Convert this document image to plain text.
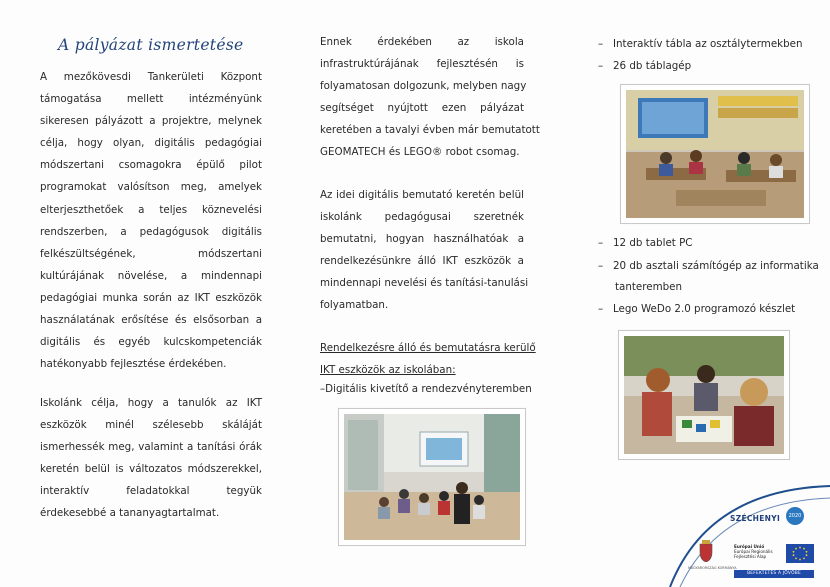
A pályázat ismertetése
A mezőkövesdi Tankerületi Központ
támogatása mellett intézményünk
sikeresen pályázott a projektre, melynek
célja, hogy olyan, digitális pedagógiai
módszertani csomagokra épülő pilot
programokat valósítson meg, amelyek
elterjeszthetőek a teljes köznevelési
rendszerben, a pedagógusok digitális
felkészültségének, módszertani
kultúrájának növelése, a mindennapi
pedagógiai munka során az IKT eszközök
használatának erősítése és elsősorban a
digitális és egyéb kulcskompetenciák
hatékonyabb fejlesztése érdekében.
Iskolánk célja, hogy a tanulók az IKT
eszközök minél szélesebb skáláját
ismerhessék meg, valamint a tanítási órák
keretén belül is változatos módszerekkel,
interaktív feladatokkal tegyük
érdekesebbé a tananyagtartalmat.
Ennek érdekében az iskola
infrastruktúrájának fejlesztésén is
folyamatosan dolgozunk, melyben nagy
segítséget nyújtott ezen pályázat
keretében a tavalyi évben már bemutatott
GEOMATECH és LEGO® robot csomag.
Az idei digitális bemutató keretén belül
iskolánk pedagógusai szeretnék
bemutatni, hogyan használhatóak a
rendelkezésünkre álló IKT eszközök a
mindennapi nevelési és tanítási-tanulási
folyamatban.
Rendelkezésre álló és bemutatásra kerülő
IKT eszközök az iskolában:
–Digitális kivetítő a rendezvényteremben
– Interaktív tábla az osztálytermekben
– 26 db táblagép
– 12 db tablet PC
– 20 db asztali számítógép az informatika
tanteremben
– Lego WeDo 2.0 programozó készlet
SZÉCHENYI	2020
MAGYARORSZÁG KORMÁNYA
Európai Unió
Európai Regionális
Fejlesztési Alap
BEFEKTETÉS A JÖVŐBE
